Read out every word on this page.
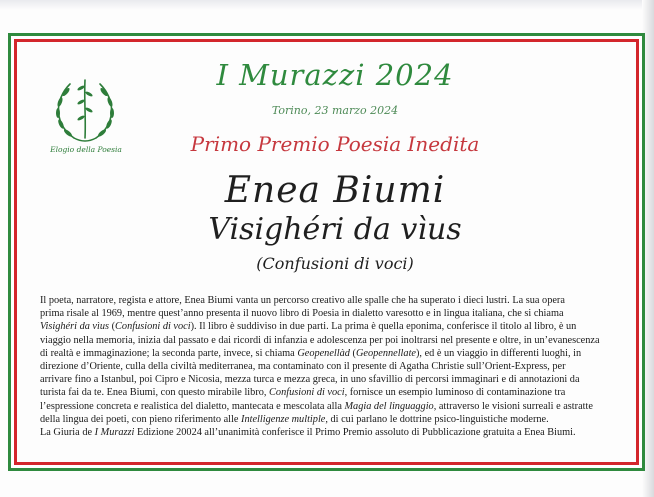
Elogio della Poesia
I Murazzi 2024
Torino, 23 marzo 2024
Primo Premio Poesia Inedita
Enea Biumi
Visighéri da vìus
(Confusioni di voci)
Il poeta, narratore, regista e attore, Enea Biumi vanta un percorso creativo alle spalle che ha superato i dieci lustri. La sua opera
prima risale al 1969, mentre quest’anno presenta il nuovo libro di Poesia in dialetto varesotto e in lingua italiana, che si chiama
Visighéri da vìus (Confusioni di voci). Il libro è suddiviso in due parti. La prima è quella eponima, conferisce il titolo al libro, è un
viaggio nella memoria, inizia dal passato e dai ricordi di infanzia e adolescenza per poi inoltrarsi nel presente e oltre, in un’evanescenza
di realtà e immaginazione; la seconda parte, invece, si chiama Geopenellàd (Geopennellate), ed è un viaggio in differenti luoghi, in
direzione d’Oriente, culla della civiltà mediterranea, ma contaminato con il presente di Agatha Christie sull’Orient-Express, per
arrivare fino a Istanbul, poi Cipro e Nicosia, mezza turca e mezza greca, in uno sfavillio di percorsi immaginari e di annotazioni da
turista fai da te. Enea Biumi, con questo mirabile libro, Confusioni di voci, fornisce un esempio luminoso di contaminazione tra
l’espressione concreta e realistica del dialetto, mantecata e mescolata alla Magia del linguaggio, attraverso le visioni surreali e astratte
della lingua dei poeti, con pieno riferimento alle Intelligenze multiple, di cui parlano le dottrine psico-linguistiche moderne.
La Giuria de I Murazzi Edizione 20024 all’unanimità conferisce il Primo Premio assoluto di Pubblicazione gratuita a Enea Biumi.
